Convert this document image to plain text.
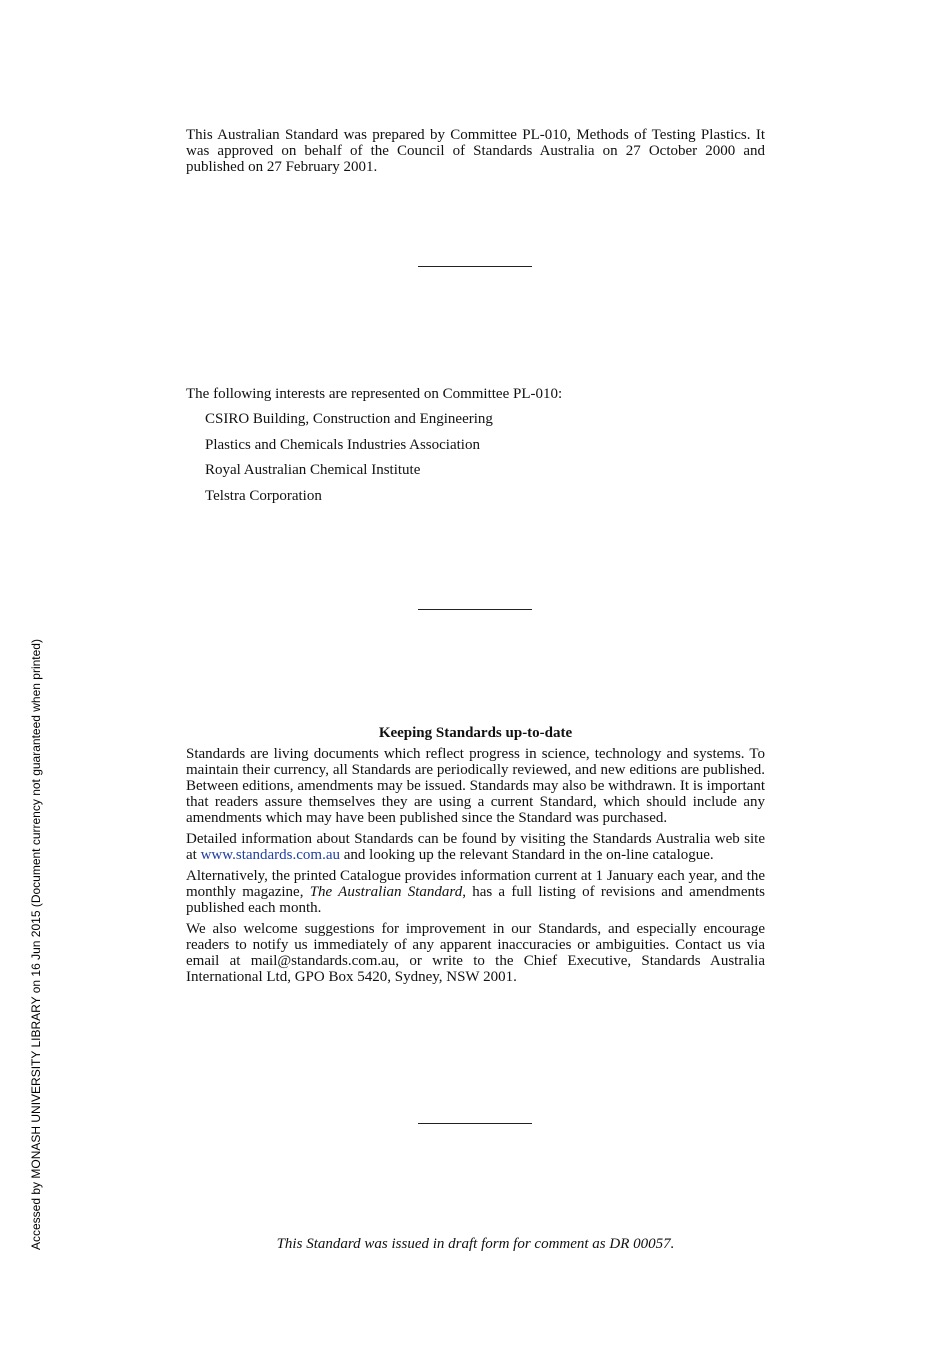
This Australian Standard was prepared by Committee PL-010, Methods of Testing Plastics. It was approved on behalf of the Council of Standards Australia on 27 October 2000 and published on 27 February 2001.
The following interests are represented on Committee PL-010:
CSIRO Building, Construction and Engineering
Plastics and Chemicals Industries Association
Royal Australian Chemical Institute
Telstra Corporation
Keeping Standards up-to-date

Standards are living documents which reflect progress in science, technology and systems. To maintain their currency, all Standards are periodically reviewed, and new editions are published. Between editions, amendments may be issued. Standards may also be withdrawn. It is important that readers assure themselves they are using a current Standard, which should include any amendments which may have been published since the Standard was purchased.

Detailed information about Standards can be found by visiting the Standards Australia web site at www.standards.com.au and looking up the relevant Standard in the on-line catalogue.

Alternatively, the printed Catalogue provides information current at 1 January each year, and the monthly magazine, The Australian Standard, has a full listing of revisions and amendments published each month.

We also welcome suggestions for improvement in our Standards, and especially encourage readers to notify us immediately of any apparent inaccuracies or ambiguities. Contact us via email at mail@standards.com.au, or write to the Chief Executive, Standards Australia International Ltd, GPO Box 5420, Sydney, NSW 2001.

This Standard was issued in draft form for comment as DR 00057.
Accessed by MONASH UNIVERSITY LIBRARY on 16 Jun 2015 (Document currency not guaranteed when printed)
